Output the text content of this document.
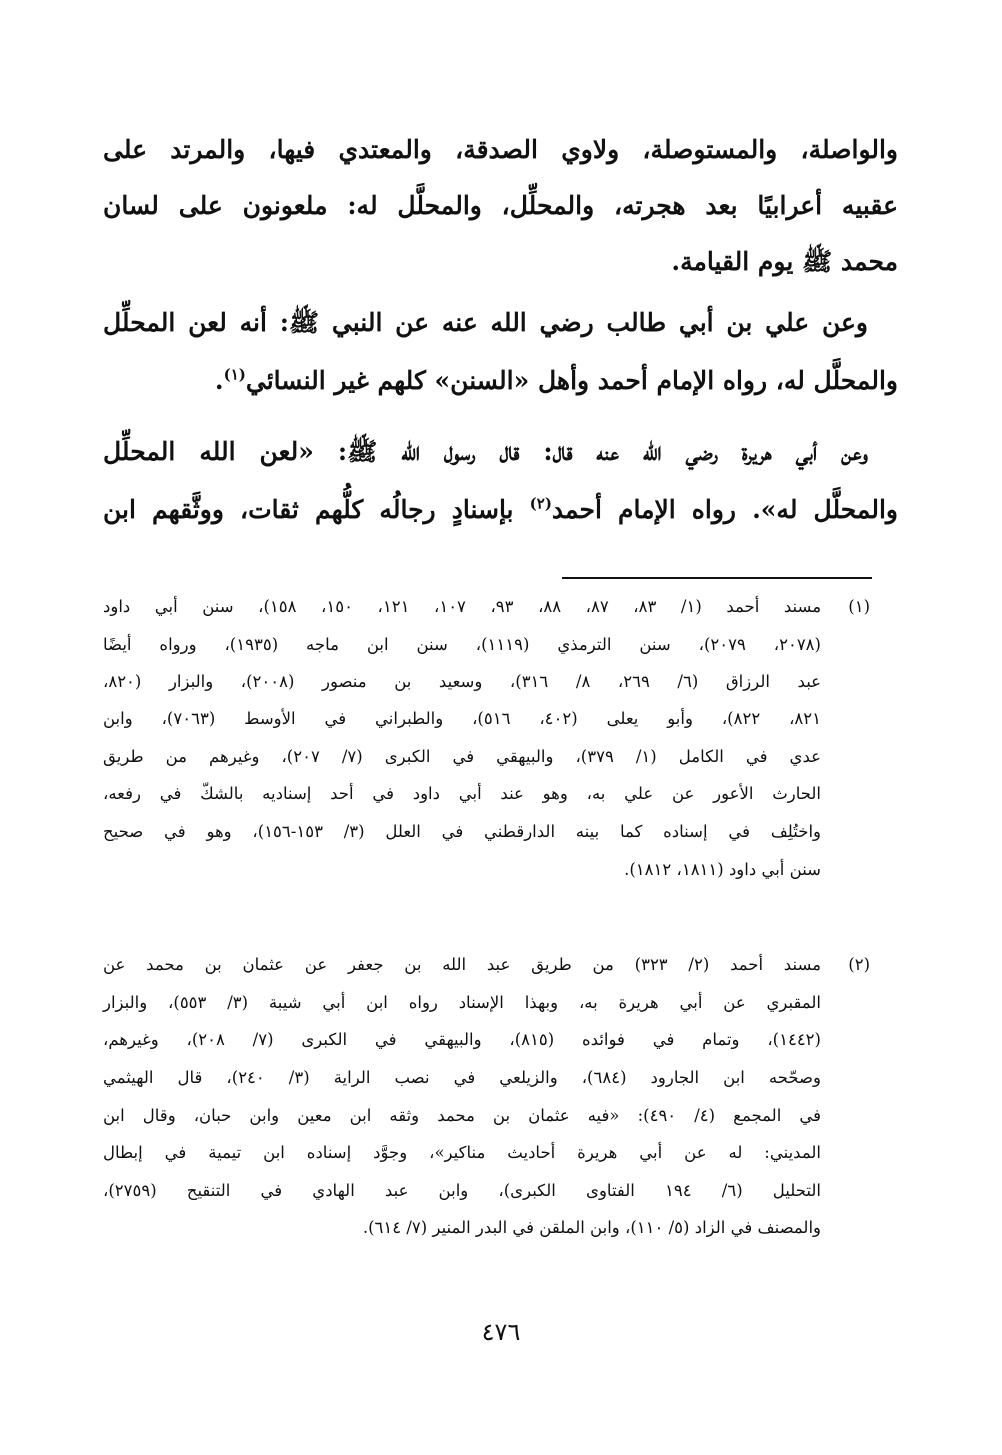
والواصلة، والمستوصلة، ولاوي الصدقة، والمعتدي فيها، والمرتد على
عقبيه أعرابيًا بعد هجرته، والمحلِّل، والمحلَّل له: ملعونون على لسان
محمد ﷺ يوم القيامة.
وعن علي بن أبي طالب رضي الله عنه عن النبي ﷺ: أنه لعن المحلِّل
والمحلَّل له، رواه الإمام أحمد وأهل «السنن» كلهم غير النسائي$^{(١)}$.
وعن أبي هريرة رضي الله عنه قال: قال رسول الله ﷺ: «لعن الله المحلِّل
والمحلَّل له». رواه الإمام أحمد$^{(٢)}$ بإسنادٍ رجالُه كلُّهم ثقات، ووثَّقهم ابن
(١)
مسند أحمد (١/ ٨٣، ٨٧، ٨٨، ٩٣، ١٠٧، ١٢١، ١٥٠، ١٥٨)، سنن أبي داود
(٢٠٧٨، ٢٠٧٩)، سنن الترمذي (١١١٩)، سنن ابن ماجه (١٩٣٥)، ورواه أيضًا
عبد الرزاق (٦/ ٢٦٩، ٨/ ٣١٦)، وسعيد بن منصور (٢٠٠٨)، والبزار (٨٢٠،
٨٢١، ٨٢٢)، وأبو يعلى (٤٠٢، ٥١٦)، والطبراني في الأوسط (٧٠٦٣)، وابن
عدي في الكامل (١/ ٣٧٩)، والبيهقي في الكبرى (٧/ ٢٠٧)، وغيرهم من طريق
الحارث الأعور عن علي به، وهو عند أبي داود في أحد إسناديه بالشكّ في رفعه،
واختُلِف في إسناده كما بينه الدارقطني في العلل (٣/ ١٥٣-١٥٦)، وهو في صحيح
سنن أبي داود (١٨١١، ١٨١٢).
(٢)
مسند أحمد (٢/ ٣٢٣) من طريق عبد الله بن جعفر عن عثمان بن محمد عن
المقبري عن أبي هريرة به، وبهذا الإسناد رواه ابن أبي شيبة (٣/ ٥٥٣)، والبزار
(١٤٤٢)، وتمام في فوائده (٨١٥)، والبيهقي في الكبرى (٧/ ٢٠٨)، وغيرهم،
وصحّحه ابن الجارود (٦٨٤)، والزيلعي في نصب الراية (٣/ ٢٤٠)، قال الهيثمي
في المجمع (٤/ ٤٩٠): «فيه عثمان بن محمد وثقه ابن معين وابن حبان، وقال ابن
المديني: له عن أبي هريرة أحاديث مناكير»، وجوَّد إسناده ابن تيمية في إبطال
التحليل (٦/ ١٩٤ الفتاوى الكبرى)، وابن عبد الهادي في التنقيح (٢٧٥٩)،
والمصنف في الزاد (٥/ ١١٠)، وابن الملقن في البدر المنير (٧/ ٦١٤).
٤٧٦
